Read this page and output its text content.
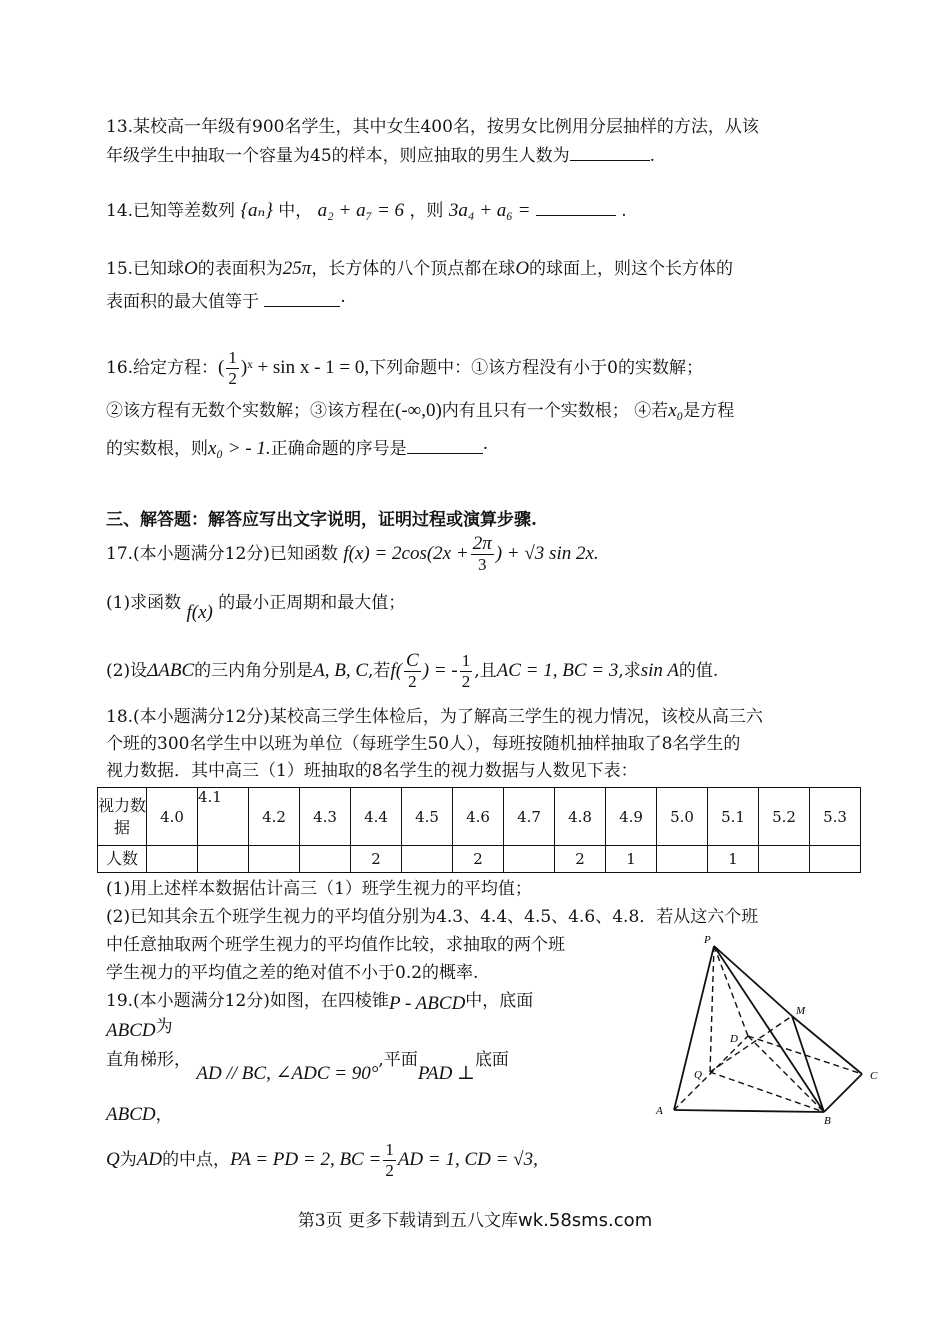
13.某校高一年级有900名学生，其中女生400名，按男女比例用分层抽样的方法，从该
年级学生中抽取一个容量为45的样本，则应抽取的男生人数为	.
14.已知等差数列 {aₙ} 中， a₂ + a₇ = 6 ，则 3a₄ + a₆ =	.
15.已知球O的表面积为25π，长方体的八个顶点都在球O的球面上，则这个长方体的
表面积的最大值等于	·
16.给定方程：( $\frac{1}{2}$ )ˣ + sin x - 1 = 0,下列命题中：①该方程没有小于0的实数解；
②该方程有无数个实数解；③该方程在(-∞,0)内有且只有一个实数根； ④若x₀是方程
的实数根，则x₀ > - 1.正确命题的序号是	·
三、解答题：解答应写出文字说明，证明过程或演算步骤.
17.(本小题满分12分)已知函数 $f(x) = 2\cos(2x + \frac{2\pi}{3}$ ) + √3 sin 2x.
(1)求函数 f(x) 的最小正周期和最大值；
(2)设ΔABC的三内角分别是A, B, C,若$f( \frac{C}{2}$ ) = - $\frac{1}{2}$ ,且AC = 1, BC = 3,求sin A的值.
18.(本小题满分12分)某校高三学生体检后，为了解高三学生的视力情况，该校从高三六
个班的300名学生中以班为单位（每班学生50人），每班按随机抽样抽取了8名学生的
视力数据．其中高三（1）班抽取的8名学生的视力数据与人数见下表：
视力数据	4.0	4.1	4.2	4.3	4.4	4.5	4.6	4.7	4.8	4.9	5.0	5.1	5.2	5.3
人数					2		2		2	1		1		
(1)用上述样本数据估计高三（1）班学生视力的平均值；
(2)已知其余五个班学生视力的平均值分别为4.3、4.4、4.5、4.6、4.8．若从这六个班
中任意抽取两个班学生视力的平均值作比较，求抽取的两个班
学生视力的平均值之差的绝对值不小于0.2的概率.
19.(本小题满分12分)如图，在四棱锥P - ABCD中，底面
ABCD为
直角梯形， AD // BC, ∠ADC = 90°,平面PAD ⊥底面
ABCD，
Q为AD的中点，PA = PD = 2, BC = $\frac{1}{2}$ AD = 1, CD = √3,
P
M
D
Q	C
A
B
第3页 更多下载请到五八文库wk.58sms.com
